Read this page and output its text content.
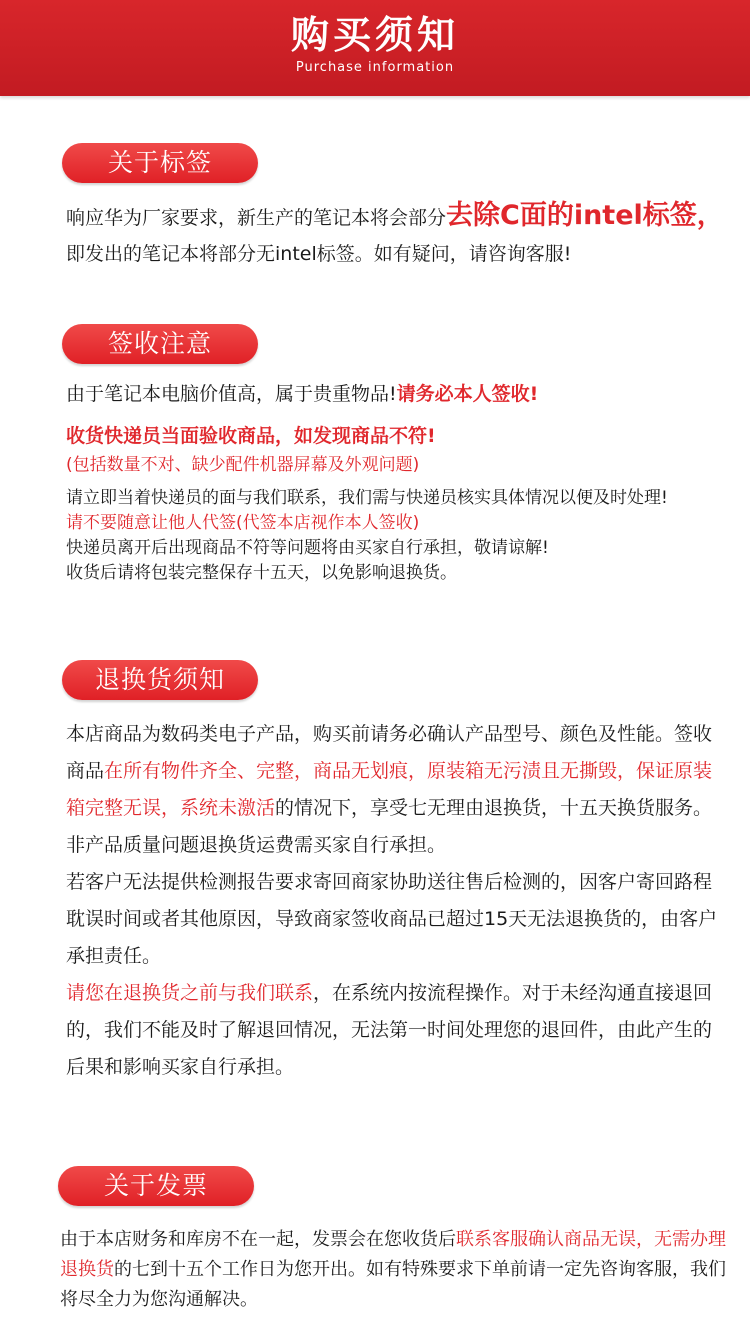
购买须知
Purchase information
关于标签

响应华为厂家要求，新生产的笔记本将会部分去除C面的intel标签，即发出的笔记本将部分无intel标签。如有疑问，请咨询客服!

签收注意

由于笔记本电脑价值高，属于贵重物品!请务必本人签收!

收货快递员当面验收商品，如发现商品不符!

(包括数量不对、缺少配件机器屏幕及外观问题)

请立即当着快递员的面与我们联系，我们需与快递员核实具体情况以便及时处理!

请不要随意让他人代签(代签本店视作本人签收)

快递员离开后出现商品不符等问题将由买家自行承担，敬请谅解!

收货后请将包装完整保存十五天，以免影响退换货。

退换货须知

本店商品为数码类电子产品，购买前请务必确认产品型号、颜色及性能。签收商品在所有物件齐全、完整，商品无划痕，原装箱无污渍且无撕毁，保证原装箱完整无误，系统未激活的情况下，享受七无理由退换货，十五天换货服务。非产品质量问题退换货运费需买家自行承担。

若客户无法提供检测报告要求寄回商家协助送往售后检测的，因客户寄回路程耽误时间或者其他原因，导致商家签收商品已超过15天无法退换货的，由客户承担责任。

请您在退换货之前与我们联系，在系统内按流程操作。对于未经沟通直接退回的，我们不能及时了解退回情况，无法第一时间处理您的退回件，由此产生的后果和影响买家自行承担。

关于发票

由于本店财务和库房不在一起，发票会在您收货后联系客服确认商品无误，无需办理退换货的七到十五个工作日为您开出。如有特殊要求下单前请一定先咨询客服，我们将尽全力为您沟通解决。
